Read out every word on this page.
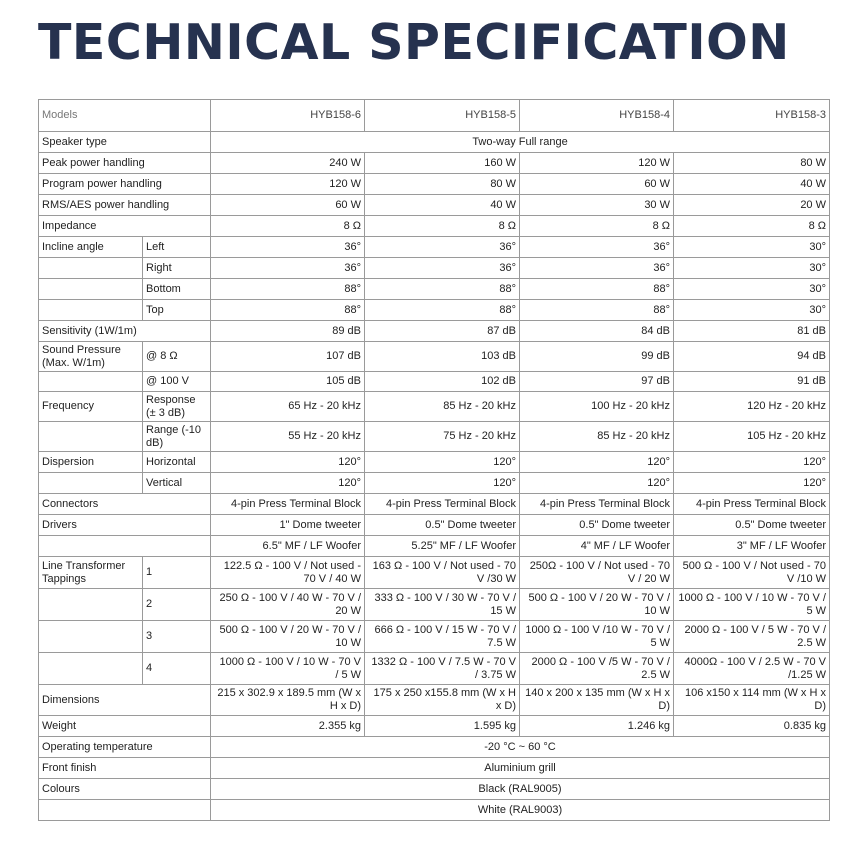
TECHNICAL SPECIFICATION
Models		HYB158-6	HYB158-5	HYB158-4	HYB158-3
Speaker type		Two-way Full range			
Peak power handling		240 W	160 W	120 W	80 W
Program power handling		120 W	80 W	60 W	40 W
RMS/AES power handling		60 W	40 W	30 W	20 W
Impedance		8 Ω	8 Ω	8 Ω	8 Ω
Incline angle	Left	36°	36°	36°	30°
	Right	36°	36°	36°	30°
	Bottom	88°	88°	88°	30°
	Top	88°	88°	88°	30°
Sensitivity (1W/1m)		89 dB	87 dB	84 dB	81 dB
Sound Pressure (Max. W/1m)	@ 8 Ω	107 dB	103 dB	99 dB	94 dB
	@ 100 V	105 dB	102 dB	97 dB	91 dB
Frequency	Response (± 3 dB)	65 Hz - 20 kHz	85 Hz - 20 kHz	100 Hz - 20 kHz	120 Hz - 20 kHz
	Range (-10 dB)	55 Hz - 20 kHz	75 Hz - 20 kHz	85 Hz - 20 kHz	105 Hz - 20 kHz
Dispersion	Horizontal	120°	120°	120°	120°
	Vertical	120°	120°	120°	120°
Connectors		4-pin Press Terminal Block	4-pin Press Terminal Block	4-pin Press Terminal Block	4-pin Press Terminal Block
Drivers		1" Dome tweeter	0.5" Dome tweeter	0.5" Dome tweeter	0.5" Dome tweeter
		6.5" MF / LF Woofer	5.25" MF / LF Woofer	4" MF / LF Woofer	3" MF / LF Woofer
Line Transformer Tappings	1	122.5 Ω - 100 V / Not used - 70 V / 40 W	163 Ω - 100 V / Not used - 70 V /30 W	250Ω - 100 V / Not used - 70 V / 20 W	500 Ω - 100 V / Not used - 70 V /10 W
	2	250 Ω - 100 V / 40 W - 70 V / 20 W	333 Ω - 100 V / 30 W - 70 V / 15 W	500 Ω - 100 V / 20 W - 70 V / 10 W	1000 Ω - 100 V / 10 W - 70 V / 5 W
	3	500 Ω - 100 V / 20 W - 70 V / 10 W	666 Ω - 100 V / 15 W - 70 V / 7.5 W	1000 Ω - 100 V /10 W - 70 V / 5 W	2000 Ω - 100 V / 5 W - 70 V / 2.5 W
	4	1000 Ω - 100 V / 10 W - 70 V / 5 W	1332 Ω - 100 V / 7.5 W - 70 V / 3.75 W	2000 Ω - 100 V /5 W - 70 V / 2.5 W	4000Ω - 100 V / 2.5 W - 70 V /1.25 W
Dimensions		215 x 302.9 x 189.5 mm (W x H x D)	175 x 250 x155.8 mm (W x H x D)	140 x 200 x 135 mm (W x H x D)	106 x150 x 114 mm (W x H x D)
Weight		2.355 kg	1.595 kg	1.246 kg	0.835 kg
Operating temperature		-20 °C ~ 60 °C			
Front finish		Aluminium grill			
Colours		Black (RAL9005)			
		White (RAL9003)			
